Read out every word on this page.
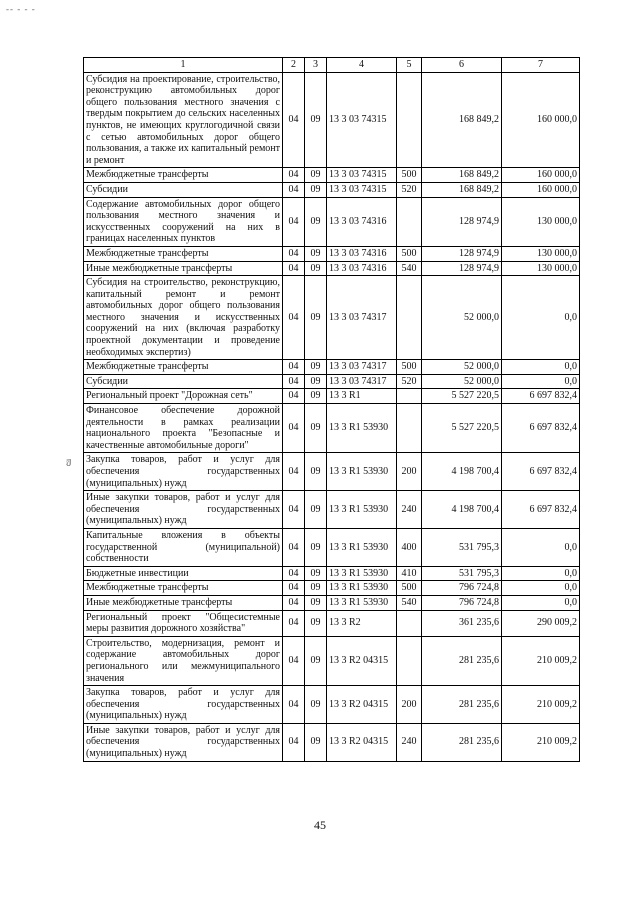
-- - - -
ჟ
1	2	3	4	5	6	7
Субсидия на проектирование, строительство, реконструкцию автомобильных дорог общего пользования местного значения с твердым покрытием до сельских населенных пунктов, не имеющих круглогодичной связи с сетью автомобильных дорог общего пользования, а также их капитальный ремонт и ремонт	04	09	13 3 03 74315		168 849,2	160 000,0
Межбюджетные трансферты	04	09	13 3 03 74315	500	168 849,2	160 000,0
Субсидии	04	09	13 3 03 74315	520	168 849,2	160 000,0
Содержание автомобильных дорог общего пользования местного значения и искусственных сооружений на них в границах населенных пунктов	04	09	13 3 03 74316		128 974,9	130 000,0
Межбюджетные трансферты	04	09	13 3 03 74316	500	128 974,9	130 000,0
Иные межбюджетные трансферты	04	09	13 3 03 74316	540	128 974,9	130 000,0
Субсидия на строительство, реконструкцию, капитальный ремонт и ремонт автомобильных дорог общего пользования местного значения и искусственных сооружений на них (включая разработку проектной документации и проведение необходимых экспертиз)	04	09	13 3 03 74317		52 000,0	0,0
Межбюджетные трансферты	04	09	13 3 03 74317	500	52 000,0	0,0
Субсидии	04	09	13 3 03 74317	520	52 000,0	0,0
Региональный проект "Дорожная сеть"	04	09	13 3 R1		5 527 220,5	6 697 832,4
Финансовое обеспечение дорожной деятельности в рамках реализации национального проекта "Безопасные и качественные автомобильные дороги"	04	09	13 3 R1 53930		5 527 220,5	6 697 832,4
Закупка товаров, работ и услуг для обеспечения государственных (муниципальных) нужд	04	09	13 3 R1 53930	200	4 198 700,4	6 697 832,4
Иные закупки товаров, работ и услуг для обеспечения государственных (муниципальных) нужд	04	09	13 3 R1 53930	240	4 198 700,4	6 697 832,4
Капитальные вложения в объекты государственной (муниципальной) собственности	04	09	13 3 R1 53930	400	531 795,3	0,0
Бюджетные инвестиции	04	09	13 3 R1 53930	410	531 795,3	0,0
Межбюджетные трансферты	04	09	13 3 R1 53930	500	796 724,8	0,0
Иные межбюджетные трансферты	04	09	13 3 R1 53930	540	796 724,8	0,0
Региональный проект "Общесистемные меры развития дорожного хозяйства"	04	09	13 3 R2		361 235,6	290 009,2
Строительство, модернизация, ремонт и содержание автомобильных дорог регионального или межмуниципального значения	04	09	13 3 R2 04315		281 235,6	210 009,2
Закупка товаров, работ и услуг для обеспечения государственных (муниципальных) нужд	04	09	13 3 R2 04315	200	281 235,6	210 009,2
Иные закупки товаров, работ и услуг для обеспечения государственных (муниципальных) нужд	04	09	13 3 R2 04315	240	281 235,6	210 009,2
45
